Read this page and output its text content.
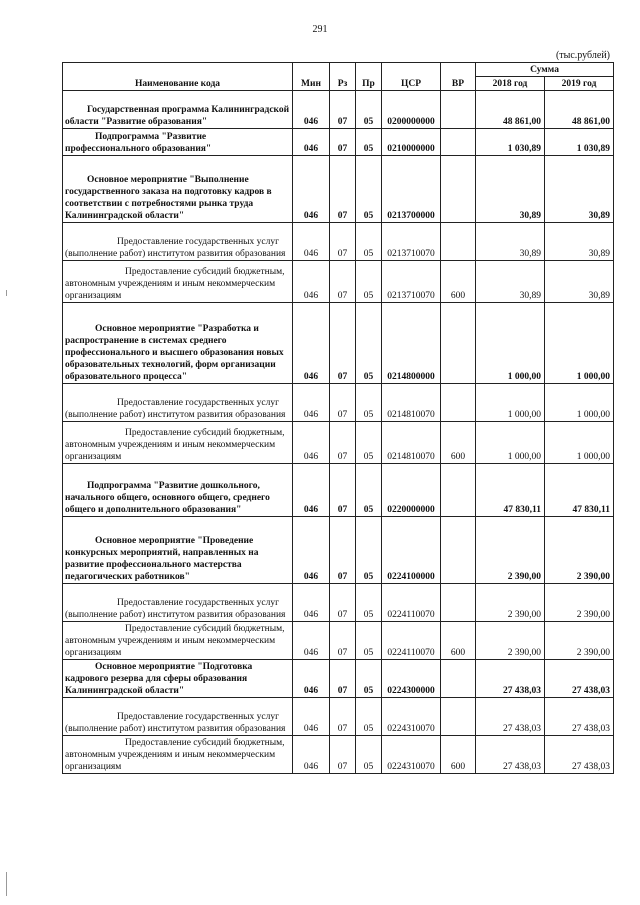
291
(тыс.рублей)
Наименование кода	Мин	Рз	Пр	ЦСР	ВР	Сумма	
						2018 год	2019 год

Государственная программа Калининградской области "Развитие образования"	046	07	05	0200000000		48 861,00	48 861,00

Подпрограмма "Развитие профессионального образования"	046	07	05	0210000000		1 030,89	1 030,89

Основное мероприятие "Выполнение государственного заказа на подготовку кадров в соответствии с потребностями рынка труда Калининградской области"	046	07	05	0213700000		30,89	30,89

Предоставление государственных услуг (выполнение работ) институтом развития образования	046	07	05	0213710070		30,89	30,89

Предоставление субсидий бюджетным, автономным учреждениям и иным некоммерческим организациям	046	07	05	0213710070	600	30,89	30,89

Основное мероприятие "Разработка и распространение в системах среднего профессионального и высшего образования новых образовательных технологий, форм организации образовательного процесса"	046	07	05	0214800000		1 000,00	1 000,00

Предоставление государственных услуг (выполнение работ) институтом развития образования	046	07	05	0214810070		1 000,00	1 000,00

Предоставление субсидий бюджетным, автономным учреждениям и иным некоммерческим организациям	046	07	05	0214810070	600	1 000,00	1 000,00

Подпрограмма "Развитие дошкольного, начального общего, основного общего, среднего общего и дополнительного образования"	046	07	05	0220000000		47 830,11	47 830,11

Основное мероприятие "Проведение конкурсных мероприятий, направленных на развитие профессионального мастерства педагогических работников"	046	07	05	0224100000		2 390,00	2 390,00

Предоставление государственных услуг (выполнение работ) институтом развития образования	046	07	05	0224110070		2 390,00	2 390,00

Предоставление субсидий бюджетным, автономным учреждениям и иным некоммерческим организациям	046	07	05	0224110070	600	2 390,00	2 390,00

Основное мероприятие "Подготовка кадрового резерва для сферы образования Калининградской области"	046	07	05	0224300000		27 438,03	27 438,03

Предоставление государственных услуг (выполнение работ) институтом развития образования	046	07	05	0224310070		27 438,03	27 438,03

Предоставление субсидий бюджетным, автономным учреждениям и иным некоммерческим организациям	046	07	05	0224310070	600	27 438,03	27 438,03
